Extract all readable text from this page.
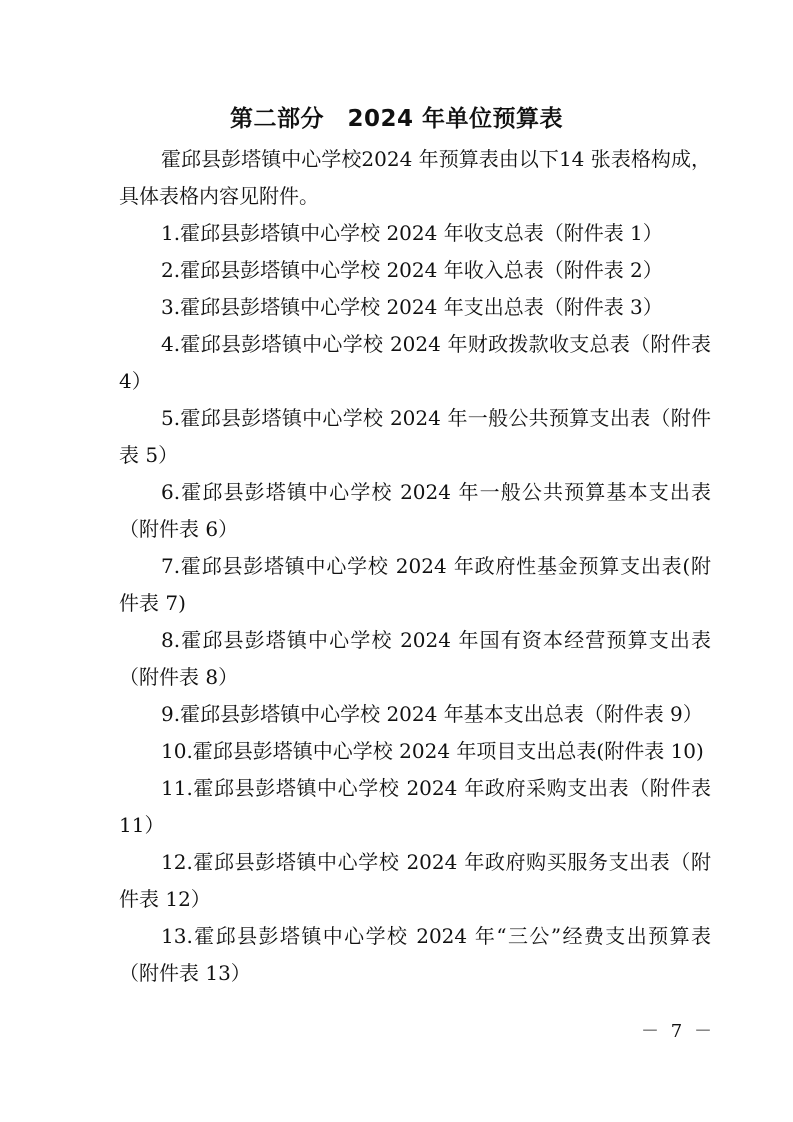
第二部分　2024 年单位预算表

霍邱县彭塔镇中心学校2024 年预算表由以下14 张表格构成，具体表格内容见附件。

1.霍邱县彭塔镇中心学校 2024 年收支总表（附件表 1）

2.霍邱县彭塔镇中心学校 2024 年收入总表（附件表 2）

3.霍邱县彭塔镇中心学校 2024 年支出总表（附件表 3）

4.霍邱县彭塔镇中心学校 2024 年财政拨款收支总表（附件表 4）

5.霍邱县彭塔镇中心学校 2024 年一般公共预算支出表（附件表 5）

6.霍邱县彭塔镇中心学校 2024 年一般公共预算基本支出表（附件表 6）

7.霍邱县彭塔镇中心学校 2024 年政府性基金预算支出表(附件表 7)

8.霍邱县彭塔镇中心学校 2024 年国有资本经营预算支出表（附件表 8）

9.霍邱县彭塔镇中心学校 2024 年基本支出总表（附件表 9）

10.霍邱县彭塔镇中心学校 2024 年项目支出总表(附件表 10)

11.霍邱县彭塔镇中心学校 2024 年政府采购支出表（附件表 11）

12.霍邱县彭塔镇中心学校 2024 年政府购买服务支出表（附件表 12）

13.霍邱县彭塔镇中心学校 2024 年“三公”经费支出预算表（附件表 13）

－ 7 －
